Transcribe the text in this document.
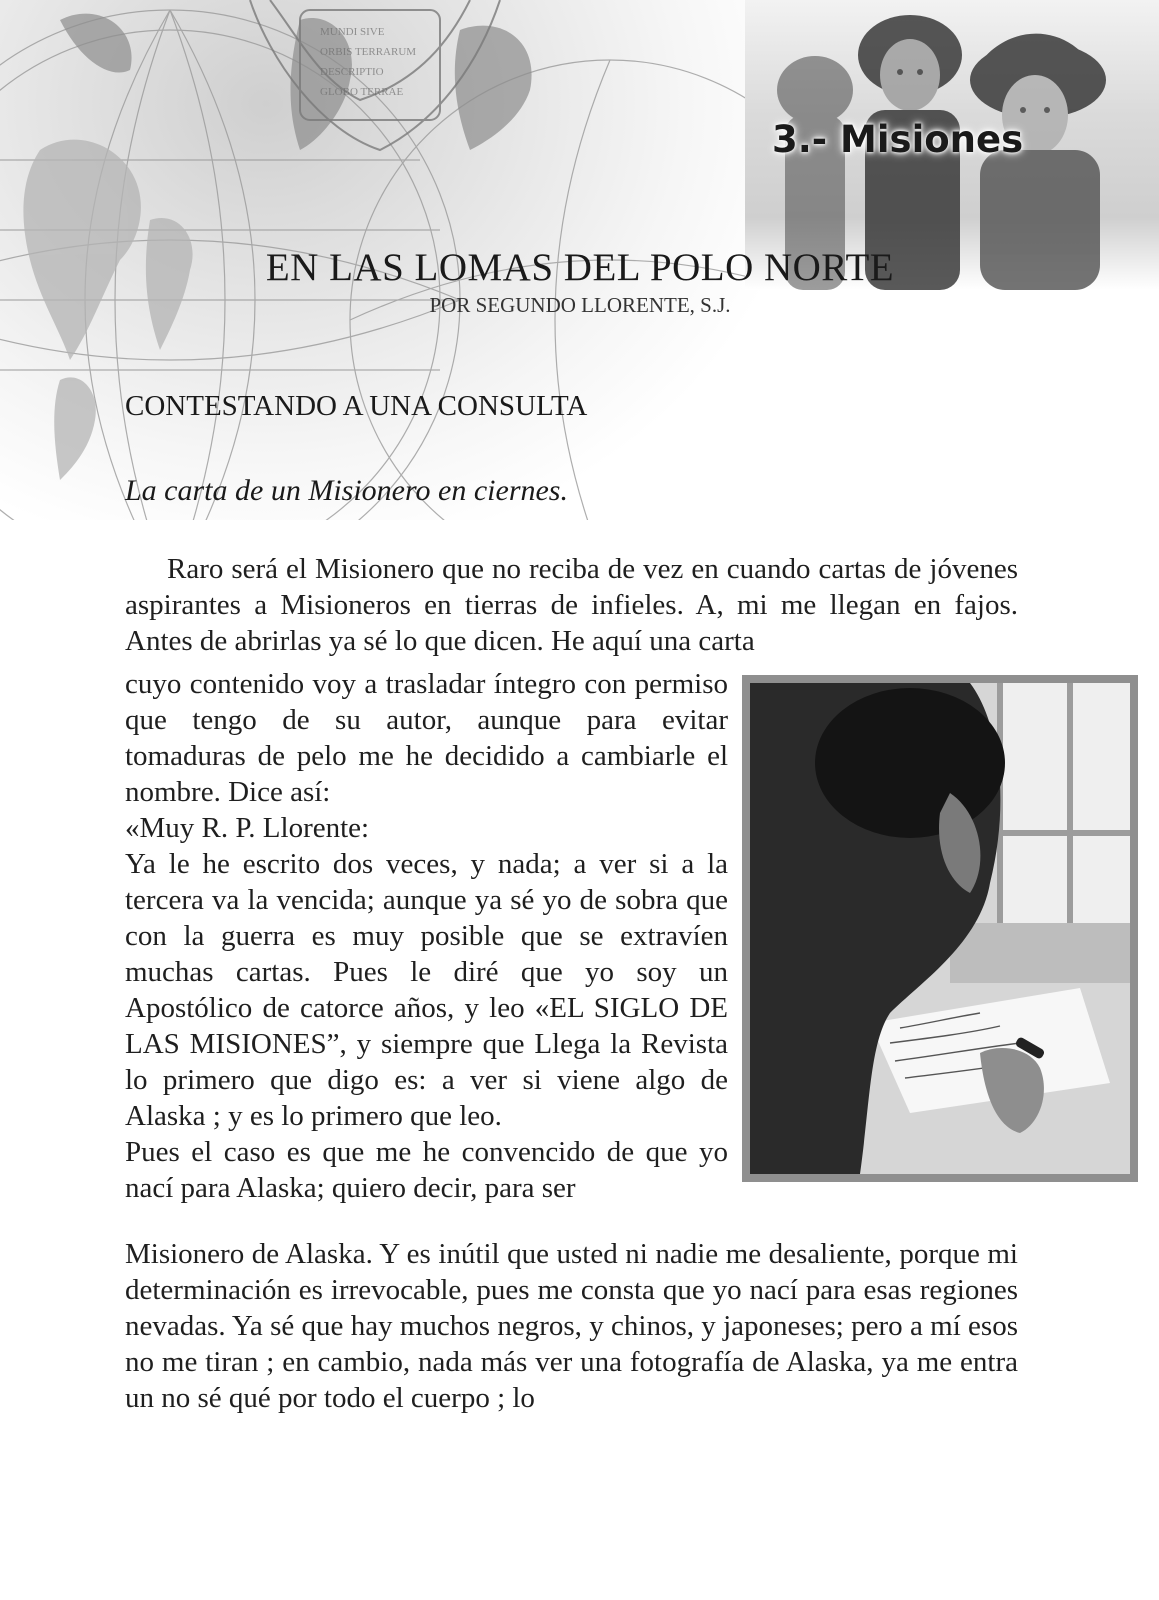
MUNDI SIVE
ORBIS TERRARUM
DESCRIPTIO
GLOBO TERRAE
3.- Misiones
EN LAS LOMAS DEL POLO NORTE
POR SEGUNDO LLORENTE, S.J.
CONTESTANDO A UNA CONSULTA
La carta de un Misionero en ciernes.

Raro será el Misionero que no reciba de vez en cuando cartas de jóvenes aspirantes a Misioneros en tierras de infieles. A, mi me llegan en fajos. Antes de abrirlas ya sé lo que dicen. He aquí una carta

cuyo contenido voy a trasladar íntegro con permiso que tengo de su autor, aunque para evitar tomaduras de pelo me he decidido a cambiarle el nombre. Dice así:

«Muy R. P. Llorente:

Ya le he escrito dos veces, y nada; a ver si a la tercera va la vencida; aunque ya sé yo de sobra que con la guerra es muy posible que se extravíen muchas cartas. Pues le diré que yo soy un Apostólico de catorce años, y leo «EL SIGLO DE LAS MISIONES”, y siempre que Llega la Revista lo primero que digo es: a ver si viene algo de Alaska ; y es lo primero que leo.

Pues el caso es que me he convencido de que yo nací para Alaska; quiero decir, para ser

Misionero de Alaska. Y es inútil que usted ni nadie me desaliente, porque mi determinación es irrevocable, pues me consta que yo nací para esas regiones nevadas. Ya sé que hay muchos negros, y chinos, y japoneses; pero a mí esos no me tiran ; en cambio, nada más ver una fotografía de Alaska, ya me entra un no sé qué por todo el cuerpo ; lo
